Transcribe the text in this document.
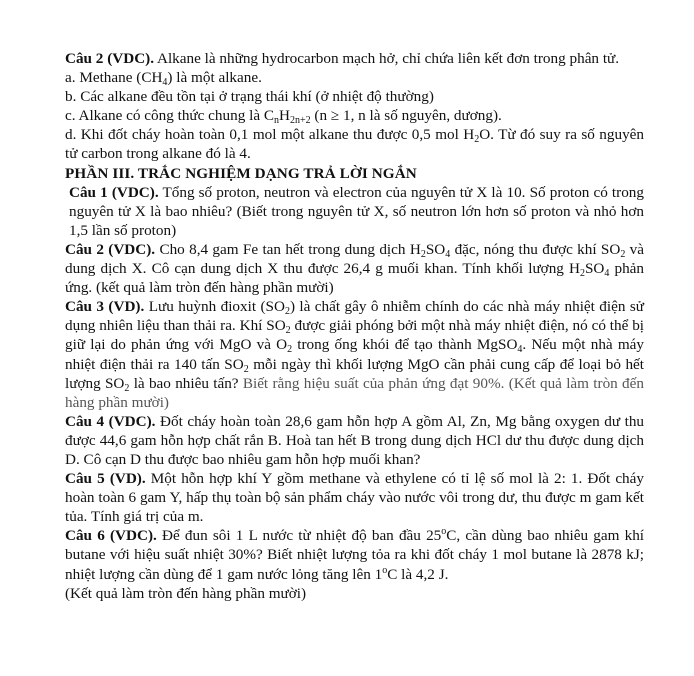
Câu 2 (VDC). Alkane là những hydrocarbon mạch hở, chỉ chứa liên kết đơn trong phân tử.

a. Methane $(CH_4)$ là một alkane.

b. Các alkane đều tồn tại ở trạng thái khí (ở nhiệt độ thường)

c. Alkane có công thức chung là $C_nH_{2n+2}$ (n ≥ 1, n là số nguyên, dương).

d. Khi đốt cháy hoàn toàn 0,1 mol một alkane thu được 0,5 mol $H_2O$. Từ đó suy ra số nguyên tử carbon trong alkane đó là 4.

PHẦN III. TRẮC NGHIỆM DẠNG TRẢ LỜI NGẮN

Câu 1 (VDC). Tổng số proton, neutron và electron của nguyên tử X là 10. Số proton có trong nguyên tử X là bao nhiêu? (Biết trong nguyên tử X, số neutron lớn hơn số proton và nhỏ hơn 1,5 lần số proton)

Câu 2 (VDC). Cho 8,4 gam Fe tan hết trong dung dịch $H_2SO_4$ đặc, nóng thu được khí $SO_2$ và dung dịch X. Cô cạn dung dịch X thu được 26,4 g muối khan. Tính khối lượng $H_2SO_4$ phản ứng. (kết quả làm tròn đến hàng phần mười)

Câu 3 (VD). Lưu huỳnh đioxit $(SO_2)$ là chất gây ô nhiễm chính do các nhà máy nhiệt điện sử dụng nhiên liệu than thải ra. Khí $SO_2$ được giải phóng bởi một nhà máy nhiệt điện, nó có thể bị giữ lại do phản ứng với MgO và $O_2$ trong ống khói để tạo thành MgSO$_4$. Nếu một nhà máy nhiệt điện thải ra 140 tấn $SO_2$ mỗi ngày thì khối lượng MgO cần phải cung cấp để loại bỏ hết lượng $SO_2$ là bao nhiêu tấn? Biết rằng hiệu suất của phản ứng đạt 90%. (Kết quả làm tròn đến hàng phần mười)

Câu 4 (VDC). Đốt cháy hoàn toàn 28,6 gam hỗn hợp A gồm Al, Zn, Mg bằng oxygen dư thu được 44,6 gam hỗn hợp chất rắn B. Hoà tan hết B trong dung dịch HCl dư thu được dung dịch D. Cô cạn D thu được bao nhiêu gam hỗn hợp muối khan?

Câu 5 (VD). Một hỗn hợp khí Y gồm methane và ethylene có tỉ lệ số mol là 2: 1. Đốt cháy hoàn toàn 6 gam Y, hấp thụ toàn bộ sản phẩm cháy vào nước vôi trong dư, thu được m gam kết tủa. Tính giá trị của m.

Câu 6 (VDC). Để đun sôi 1 L nước từ nhiệt độ ban đầu 25$^o$C, cần dùng bao nhiêu gam khí butane với hiệu suất nhiệt 30%? Biết nhiệt lượng tỏa ra khi đốt cháy 1 mol butane là 2878 kJ; nhiệt lượng cần dùng để 1 gam nước lỏng tăng lên 1$^o$C là 4,2 J.

(Kết quả làm tròn đến hàng phần mười)
